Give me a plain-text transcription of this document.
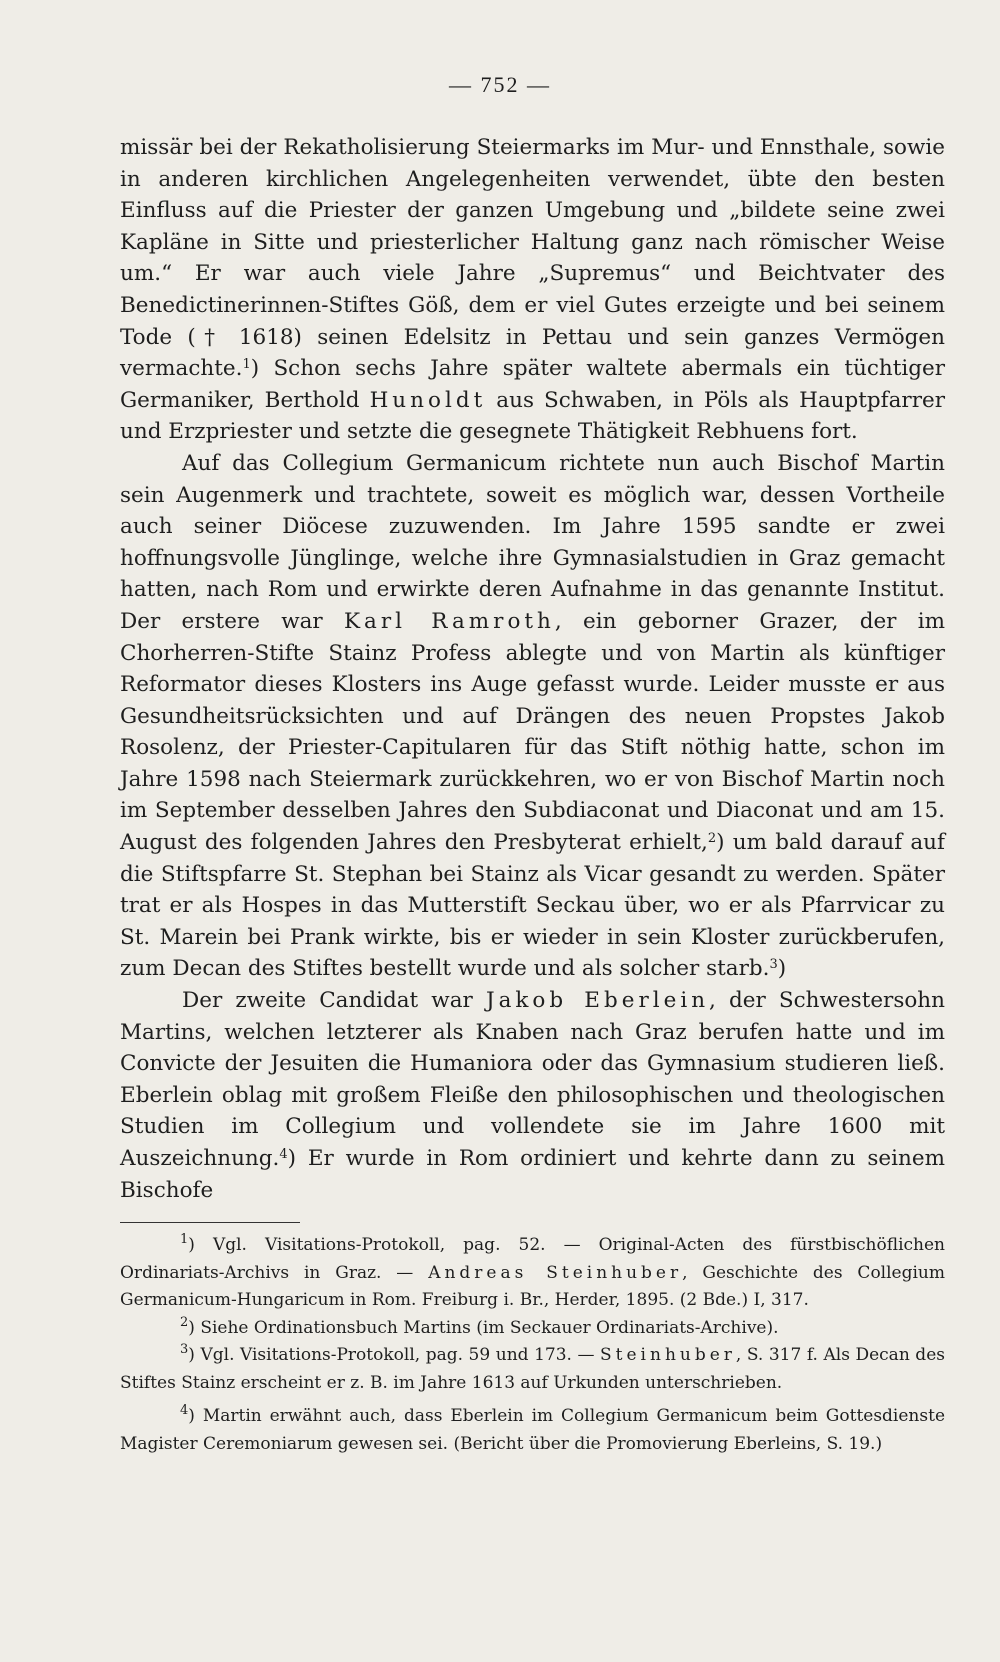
— 752 —

missär bei der Rekatholisierung Steiermarks im Mur- und Ennsthale, sowie in anderen kirchlichen Angelegenheiten verwendet, übte den besten Einfluss auf die Priester der ganzen Umgebung und „bildete seine zwei Kapläne in Sitte und priesterlicher Haltung ganz nach römischer Weise um.“ Er war auch viele Jahre „Supremus“ und Beichtvater des Benedictinerinnen-Stiftes Göß, dem er viel Gutes erzeigte und bei seinem Tode († 1618) seinen Edelsitz in Pettau und sein ganzes Vermögen vermachte.$^1$) Schon sechs Jahre später waltete abermals ein tüchtiger Germaniker, Berthold Hunoldt aus Schwaben, in Pöls als Hauptpfarrer und Erzpriester und setzte die gesegnete Thätigkeit Rebhuens fort.

Auf das Collegium Germanicum richtete nun auch Bischof Martin sein Augenmerk und trachtete, soweit es möglich war, dessen Vortheile auch seiner Diöcese zuzuwenden. Im Jahre 1595 sandte er zwei hoffnungsvolle Jünglinge, welche ihre Gymnasialstudien in Graz gemacht hatten, nach Rom und erwirkte deren Aufnahme in das genannte Institut. Der erstere war Karl Ramroth, ein geborner Grazer, der im Chorherren-Stifte Stainz Profess ablegte und von Martin als künftiger Reformator dieses Klosters ins Auge gefasst wurde. Leider musste er aus Gesundheitsrücksichten und auf Drängen des neuen Propstes Jakob Rosolenz, der Priester-Capitularen für das Stift nöthig hatte, schon im Jahre 1598 nach Steiermark zurückkehren, wo er von Bischof Martin noch im September desselben Jahres den Subdiaconat und Diaconat und am 15. August des folgenden Jahres den Presbyterat erhielt,$^2$) um bald darauf auf die Stiftspfarre St. Stephan bei Stainz als Vicar gesandt zu werden. Später trat er als Hospes in das Mutterstift Seckau über, wo er als Pfarrvicar zu St. Marein bei Prank wirkte, bis er wieder in sein Kloster zurückberufen, zum Decan des Stiftes bestellt wurde und als solcher starb.$^3$)

Der zweite Candidat war Jakob Eberlein, der Schwestersohn Martins, welchen letzterer als Knaben nach Graz berufen hatte und im Convicte der Jesuiten die Humaniora oder das Gymnasium studieren ließ. Eberlein oblag mit großem Fleiße den philosophischen und theologischen Studien im Collegium und vollendete sie im Jahre 1600 mit Auszeichnung.$^4$) Er wurde in Rom ordiniert und kehrte dann zu seinem Bischofe

$^1$) Vgl. Visitations-Protokoll, pag. 52. — Original-Acten des fürstbischöflichen Ordinariats-Archivs in Graz. — Andreas Steinhuber, Geschichte des Collegium Germanicum-Hungaricum in Rom. Freiburg i. Br., Herder, 1895. (2 Bde.) I, 317.

$^2$) Siehe Ordinationsbuch Martins (im Seckauer Ordinariats-Archive).

$^3$) Vgl. Visitations-Protokoll, pag. 59 und 173. — Steinhuber, S. 317 f. Als Decan des Stiftes Stainz erscheint er z. B. im Jahre 1613 auf Urkunden unterschrieben.

$^4$) Martin erwähnt auch, dass Eberlein im Collegium Germanicum beim Gottesdienste Magister Ceremoniarum gewesen sei. (Bericht über die Promovierung Eberleins, S. 19.)
